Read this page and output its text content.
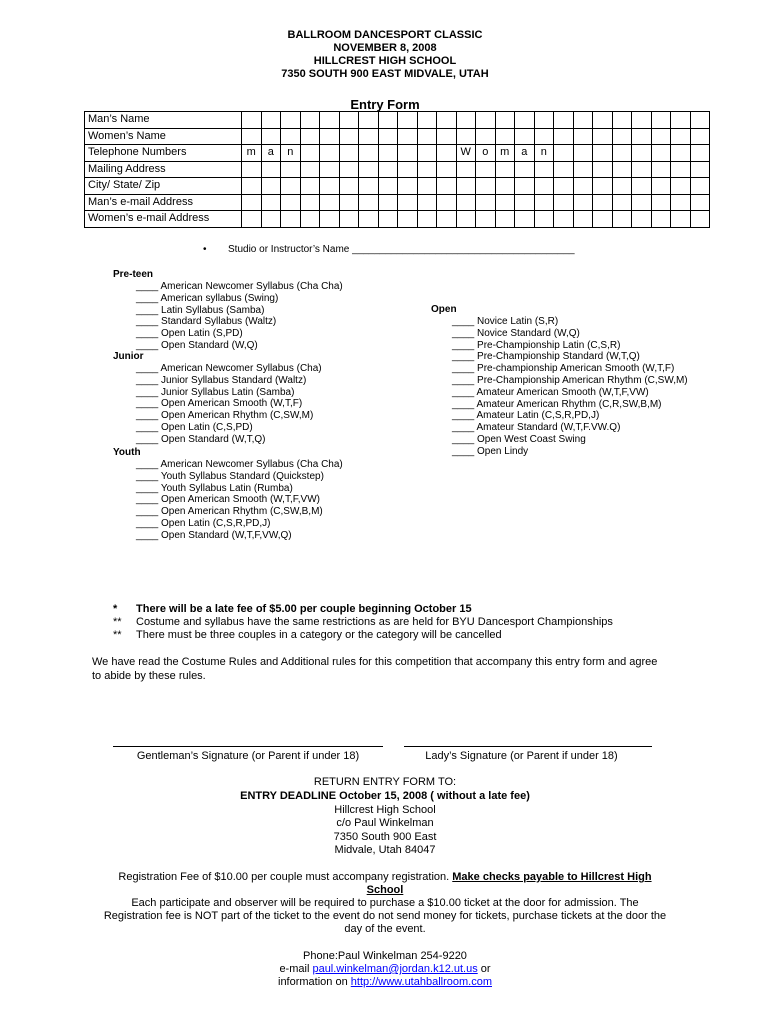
BALLROOM DANCESPORT CLASSIC
NOVEMBER 8, 2008
HILLCREST HIGH SCHOOL
7350 SOUTH 900 EAST MIDVALE, UTAH
Entry Form
Man’s Name																								
Women’s Name																								
Telephone Numbers	m	a	n									W	o	m	a	n								
Mailing Address																								
City/ State/ Zip																								
Man’s e-mail Address																								
Women’s e-mail Address																								
• Studio or Instructor’s Name ________________________________________
Pre-teen
____ American Newcomer Syllabus (Cha Cha)
____ American syllabus (Swing)
____ Latin Syllabus (Samba)
____ Standard Syllabus (Waltz)
____ Open Latin (S,PD)
____ Open Standard (W,Q)
Junior
____ American Newcomer Syllabus (Cha)
____ Junior Syllabus Standard (Waltz)
____ Junior Syllabus Latin (Samba)
____ Open American Smooth (W,T,F)
____ Open American Rhythm (C,SW,M)
____ Open Latin (C,S,PD)
____ Open Standard (W,T,Q)
Youth
____ American Newcomer Syllabus (Cha Cha)
____ Youth Syllabus Standard (Quickstep)
____ Youth Syllabus Latin (Rumba)
____ Open American Smooth (W,T,F,VW)
____ Open American Rhythm (C,SW,B,M)
____ Open Latin (C,S,R,PD,J)
____ Open Standard (W,T,F,VW,Q)
Open
____ Novice Latin (S,R)
____ Novice Standard (W,Q)
____ Pre-Championship Latin (C,S,R)
____ Pre-Championship Standard (W,T,Q)
____ Pre-championship American Smooth (W,T,F)
____ Pre-Championship American Rhythm (C,SW,M)
____ Amateur American Smooth (W,T,F,VW)
____ Amateur American Rhythm (C,R,SW,B,M)
____ Amateur Latin (C,S,R,PD,J)
____ Amateur Standard (W,T,F.VW.Q)
____ Open West Coast Swing
____ Open Lindy
* There will be a late fee of $5.00 per couple beginning October 15
** Costume and syllabus have the same restrictions as are held for BYU Dancesport Championships
** There must be three couples in a category or the category will be cancelled
We have read the Costume Rules and Additional rules for this competition that accompany this entry form and agree
to abide by these rules.
Gentleman’s Signature (or Parent if under 18)	Lady’s Signature (or Parent if under 18)
RETURN ENTRY FORM TO:
ENTRY DEADLINE October 15, 2008 ( without a late fee)
Hillcrest High School
c/o Paul Winkelman
7350 South 900 East
Midvale, Utah 84047
Registration Fee of $10.00 per couple must accompany registration. Make checks payable to Hillcrest High
School
Each participate and observer will be required to purchase a $10.00 ticket at the door for admission. The
Registration fee is NOT part of the ticket to the event do not send money for tickets, purchase tickets at the door the
day of the event.
Phone:Paul Winkelman 254-9220
e-mail paul.winkelman@jordan.k12.ut.us or
information on http://www.utahballroom.com
